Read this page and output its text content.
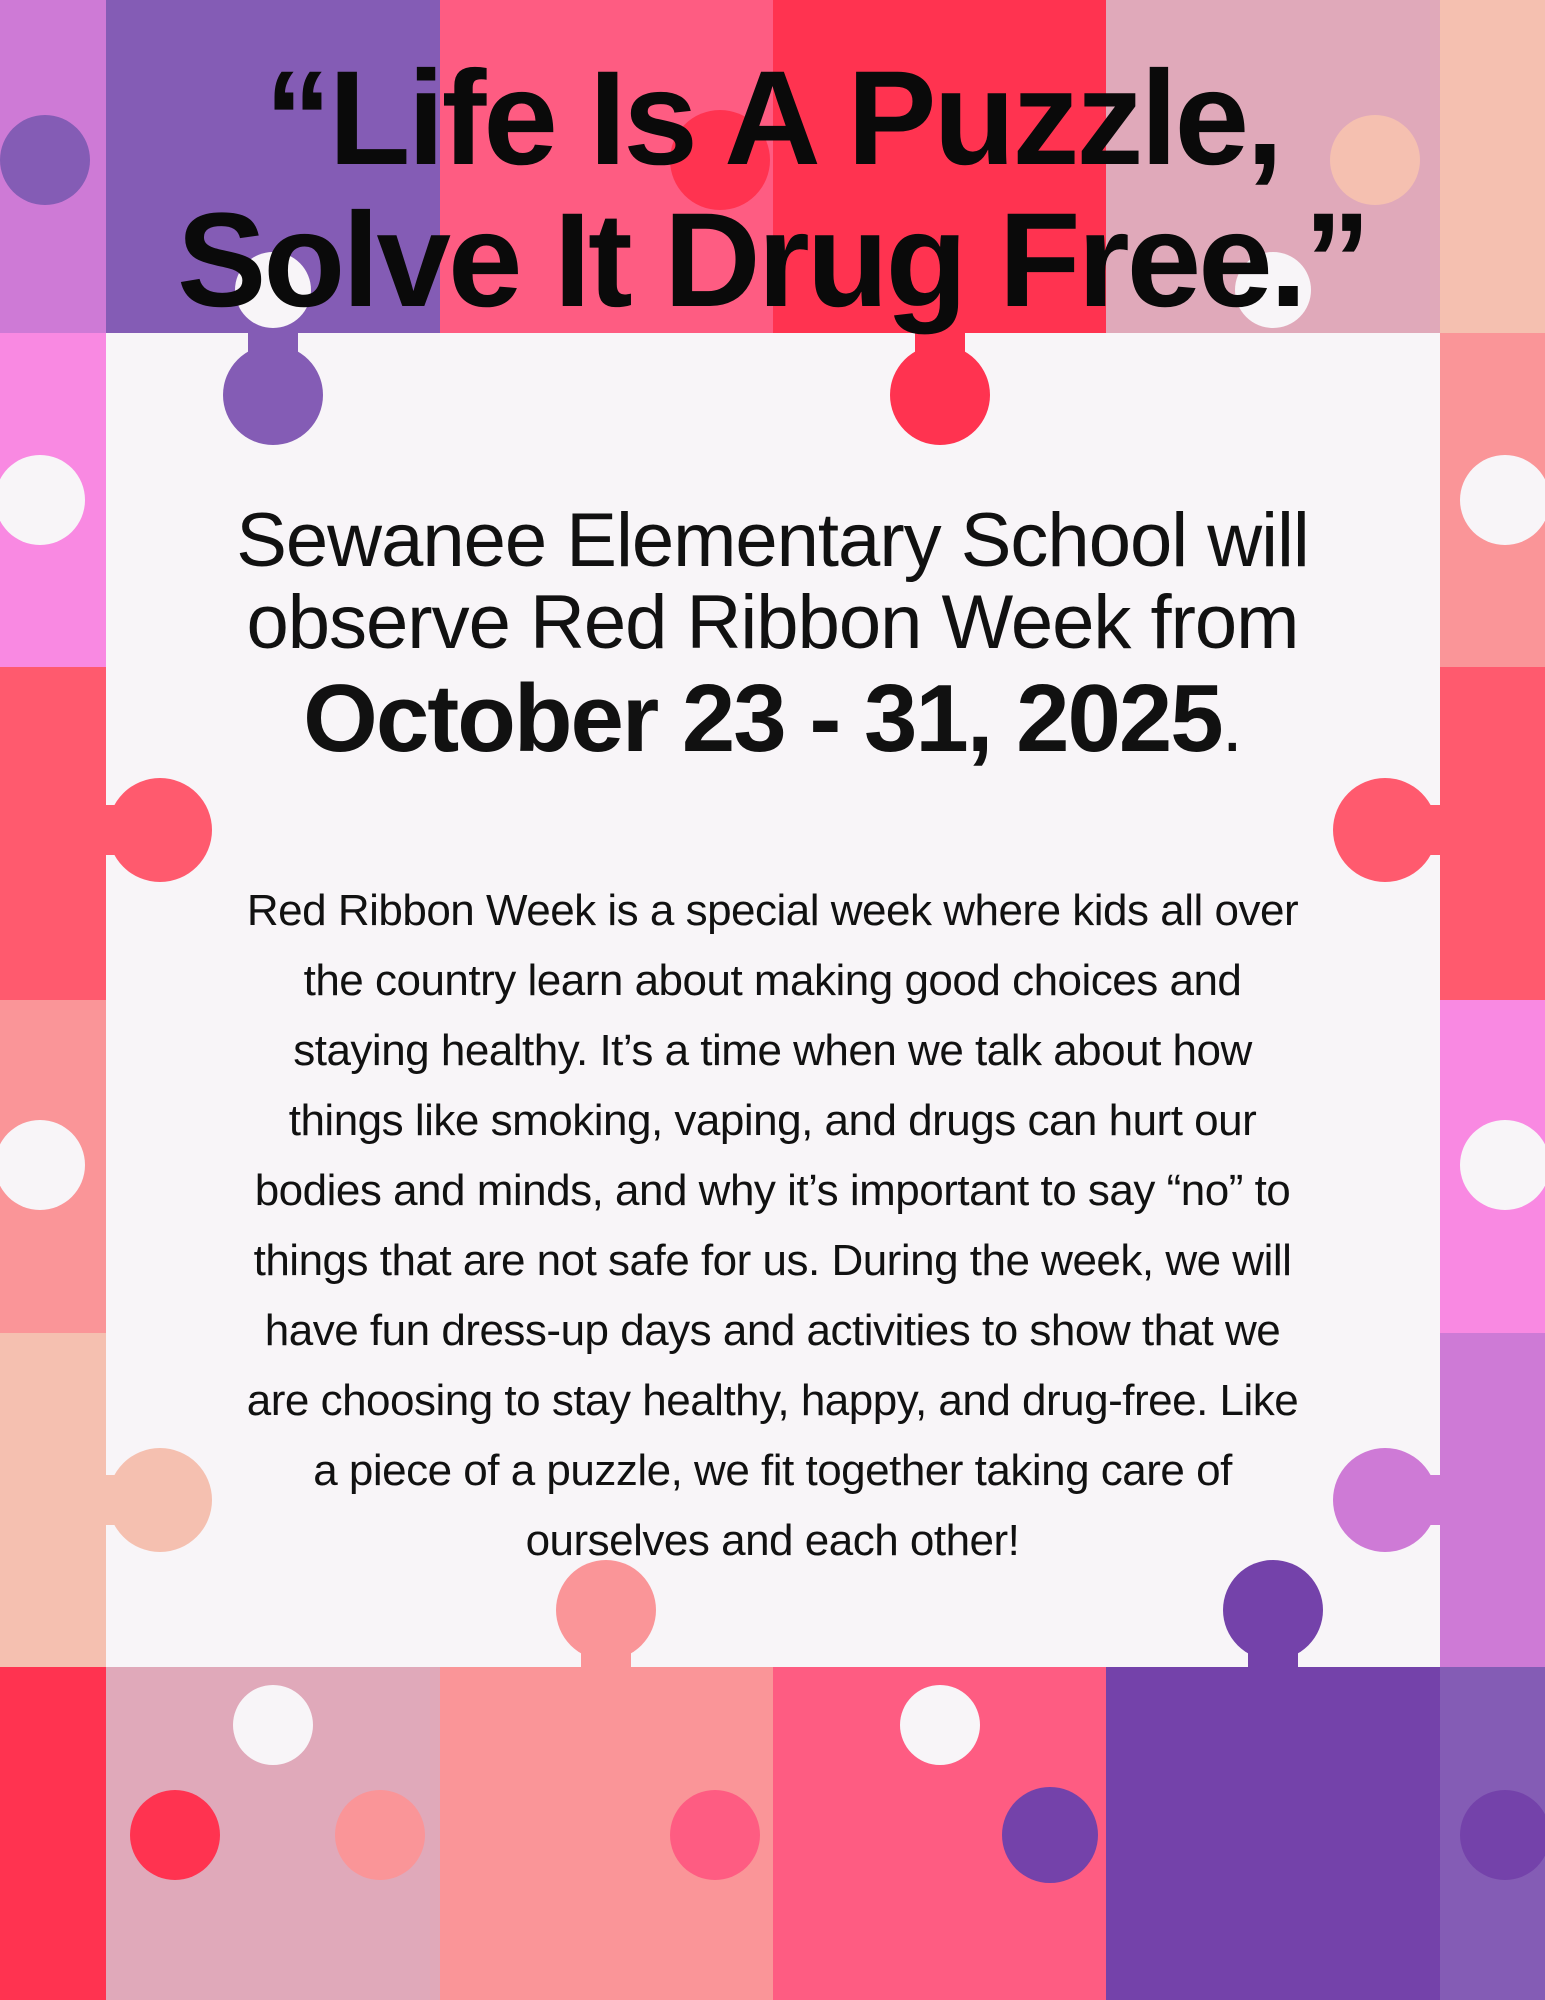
“Life Is A Puzzle,
Solve It Drug Free.”

Sewanee Elementary School will
observe Red Ribbon Week from
October 23 - 31, 2025.

Red Ribbon Week is a special week where kids all over
the country learn about making good choices and
staying healthy. It’s a time when we talk about how
things like smoking, vaping, and drugs can hurt our
bodies and minds, and why it’s important to say “no” to
things that are not safe for us. During the week, we will
have fun dress-up days and activities to show that we
are choosing to stay healthy, happy, and drug-free. Like
a piece of a puzzle, we fit together taking care of
ourselves and each other!
